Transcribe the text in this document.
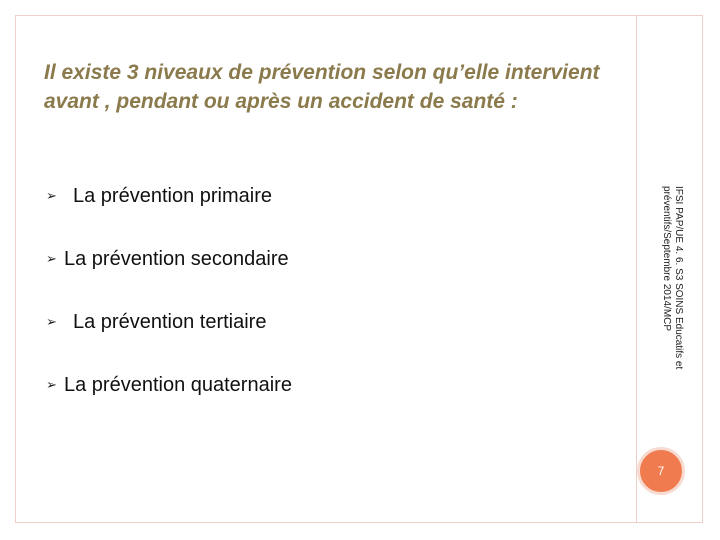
Il existe 3 niveaux de prévention selon qu’elle intervient avant , pendant ou après un accident de santé :

➢ La prévention primaire
➢ La prévention secondaire
➢ La prévention tertiaire
➢ La prévention quaternaire
IFSI PAP/UE 4. 6. S3 SOINS Educatifs et préventifs/Septembre 2014/MCP
7
